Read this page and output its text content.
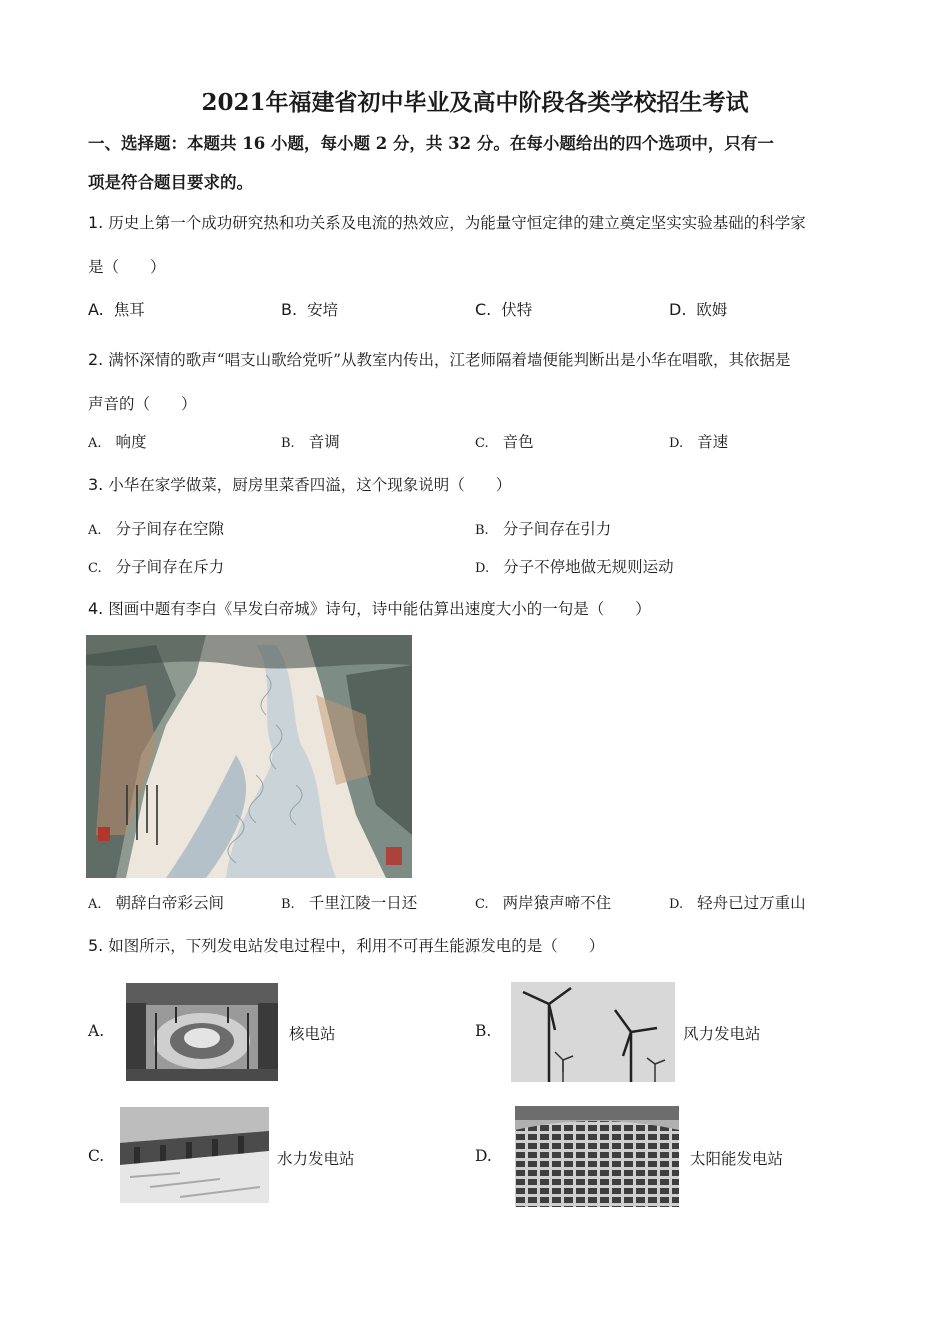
2021年福建省初中毕业及高中阶段各类学校招生考试
一、选择题：本题共 16 小题，每小题 2 分，共 32 分。在每小题给出的四个选项中，只有一
项是符合题目要求的。
1. 历史上第一个成功研究热和功关系及电流的热效应，为能量守恒定律的建立奠定坚实实验基础的科学家
是（　　）
A. 焦耳	B. 安培	C. 伏特	D. 欧姆
2. 满怀深情的歌声“唱支山歌给党听”从教室内传出，江老师隔着墙便能判断出是小华在唱歌，其依据是
声音的（　　）
A. 响度	B. 音调	C. 音色	D. 音速
3. 小华在家学做菜，厨房里菜香四溢，这个现象说明（　　）
A. 分子间存在空隙	B. 分子间存在引力
C. 分子间存在斥力	D. 分子不停地做无规则运动
4. 图画中题有李白《早发白帝城》诗句，诗中能估算出速度大小的一句是（　　）
A. 朝辞白帝彩云间	B. 千里江陵一日还	C. 两岸猿声啼不住	D. 轻舟已过万重山
5. 如图所示，下列发电站发电过程中，利用不可再生能源发电的是（　　）
A.	核电站	B.	风力发电站
C.	水力发电站	D.	太阳能发电站
